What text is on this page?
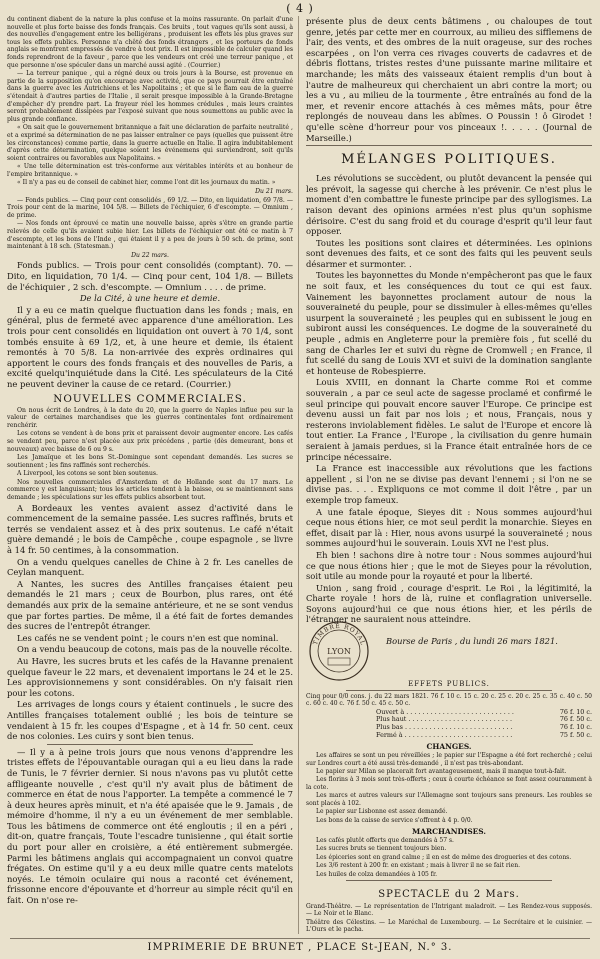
( 4 )

du continent diabent de la nature la plus confuse et la moins rassurante. On parlait d'une nouvelle et plus forte baisse des fonds français. Ces bruits , tout vagues qu'ils sont aussi, à des nouvelles d'engagement entre les belligérans , produisent les effets les plus graves sur tous les effets publics. Personne n'a chêté des fonds étrangers , et les porteurs de fonds anglais se montrent empressés de vendre à tout prix. Il est impossible de calculer quand les fonds reprendront de la faveur , parce que les vendeurs ont créé une terreur panique , et que personne n'ose spéculer dans un marché aussi agité . (Courrier.)

— La terreur panique , qui a régné deux ou trois jours à la Bourse, est provenue en partie de la supposition qu'on encourage avec activité, que ce pays pourrait être entraîné dans la guerre avec les Autrichiens et les Napolitains ; et que si le flam eau de la guerre s'étendait à d'autres parties de l'Italie , il serait presque impossible à la Grande-Bretagne d'empêcher d'y prendre part. La frayeur réel les hommes crédules , mais leurs craintes seront probablement dissipées par l'exposé suivant que nous soumettons au public avec la plus grande confiance.

« On sait que le gouvernement britannique a fait une déclaration de parfaite neutralité , et a exprimé sa détermination de ne pas laisser entraîner ce pays (quelles que puissent être les circonstances) comme partie, dans la guerre actuelle en Italie. Il agira indubitablement d'après cette détermination, quelque soient les événemens qui surviendront, soit qu'ils soient contraires ou favorables aux Napolitains. »

« Une telle détermination est très-conforme aux véritables intérêts et au bonheur de l'empire britannique. »

« Il n'y a pas eu de conseil de cabinet hier, comme l'ont dit les journaux du matin. »

Du 21 mars.

— Fonds publics. — Cinq pour cent consolidés , 69 1/2. — Dito, en liquidation, 69 7/8. — Trois pour cent de la marine, 104 5/8. — Billets de l'échiquier, 6 d'escompte. — Omnium , de prime.

— Nos fonds ont éprouvé ce matin une nouvelle baisse, après s'être en grande partie relevés de celle qu'ils avaient subie hier. Les billets de l'échiquier ont été ce matin à 7 d'escompte, et les bons de l'Inde , qui étaient il y a peu de jours à 50 sch. de prime, sont maintenant à 18 sch. (Statesman.)

Du 22 mars.

Fonds publics. — Trois pour cent consolidés (comptant). 70. — Dito, en liquidation, 70 1/4. — Cinq pour cent, 104 1/8. — Billets de l'échiquier , 2 sch. d'escompte. — Omnium . . . . de prime.

De la Cité, à une heure et demie.

Il y a eu ce matin quelque fluctuation dans les fonds ; mais, en général, plus de fermeté avec apparence d'une amélioration. Les trois pour cent consolidés en liquidation ont ouvert à 70 1/4, sont tombés ensuite à 69 1/2, et, à une heure et demie, ils étaient remontés à 70 5/8. La non-arrivée des exprès ordinaires qui apportent le cours des fonds français et des nouvelles de Paris, a excité quelqu'inquiétude dans la Cité. Les spéculateurs de la Cité ne peuvent deviner la cause de ce retard. (Courrier.)

NOUVELLES COMMERCIALES.

On nous écrit de Londres, à la date du 20, que la guerre de Naples influe peu sur la valeur de certaines marchandises que les guerres continentales font ordinairement renchérir.

Les cotons se vendent à de bons prix et paraissent devoir augmenter encore. Les cafés se vendent peu, parce n'est placée aux prix précédens , partie (dès demeurant, bons et nouveaux) avec baisse de 6 ou 9 s.

Les Jamaïque et les bons St.-Domingue sont cependant demandés. Les sucres se soutiennent ; les fins raffinés sont recherchés.

A Liverpool, les cotons se sont bien soutenus.

Nos nouvelles commerciales d'Amsterdam et de Hollande sont du 17 mars. Le commerce y est languissant; tous les articles tendent à la baisse, ou se maintiennent sans demande ; les spéculations sur les effets publics absorbent tout.

A Bordeaux les ventes avaient assez d'activité dans le commencement de la semaine passée. Les sucres raffinés, bruts et terrés se vendaient assez et à des prix soutenus. Le café n'était guère demandé ; le bois de Campêche , coupe espagnole , se livre à 14 fr. 50 centimes, à la consommation.

On a vendu quelques canelles de Chine à 2 fr. Les canelles de Ceylan manquent.

A Nantes, les sucres des Antilles françaises étaient peu demandés le 21 mars ; ceux de Bourbon, plus rares, ont été demandés aux prix de la semaine antérieure, et ne se sont vendus que par fortes parties. De même, il a été fait de fortes demandes des sucres de l'entrepôt étranger.

Les cafés ne se vendent point ; le cours n'en est que nominal.

On a vendu beaucoup de cotons, mais pas de la nouvelle récolte.

Au Havre, les sucres bruts et les cafés de la Havanne prenaient quelque faveur le 22 mars, et devenaient importans le 24 et le 25. Les approvisionnemens y sont considérables. On n'y faisait rien pour les cotons.

Les arrivages de longs cours y étaient continuels , le sucre des Antilles françaises totalement oublié ; les bois de teinture se vendaient à 15 fr. les coupes d'Espagne , et à 14 fr. 50 cent. ceux de nos colonies. Les cuirs y sont bien tenus.

— Il y a à peine trois jours que nous venons d'apprendre les tristes effets de l'épouvantable ouragan qui a eu lieu dans la rade de Tunis, le 7 février dernier. Si nous n'avons pas vu plutôt cette affligeante nouvelle , c'est qu'il n'y avait plus de bâtiment de commerce en état de nous l'apporter. La tempête a commencé le 7 à deux heures après minuit, et n'a été apaisée que le 9. Jamais , de mémoire d'homme, il n'y a eu un événement de mer semblable. Tous les bâtimens de commerce ont été engloutis ; il en a péri , dit-on, quatre français, Toute l'escadre tunisienne , qui était sortie du port pour aller en croisière, a été entièrement submergée. Parmi les bâtimens anglais qui accompagnaient un convoi quatre frégates. On estime qu'il y a eu deux mille quatre cents matelots noyés. Le témoin oculaire qui nous a raconté cet événement, frissonne encore d'épouvante et d'horreur au simple récit qu'il en fait. On n'ose re-

présente plus de deux cents bâtimens , ou chaloupes de tout genre, jetés par cette mer en courroux, au milieu des sifflemens de l'air, des vents, et des ombres de la nuit orageuse, sur des roches escarpées , on l'on verra ces rivages couverts de cadavres et de débris flottans, tristes restes d'une puissante marine militaire et marchande; les mâts des vaisseaux étaient remplis d'un bout à l'autre de malheureux qui cherchaient un abri contre la mort; ou les a vu , au milieu de la tourmente , être entraînés au fond de la mer, et revenir encore attachés à ces mêmes mâts, pour être replongés de nouveau dans les abîmes. O Poussin ! ô Girodet ! qu'elle scène d'horreur pour vos pinceaux !. . . . . (Journal de Marseille.)

MÉLANGES POLITIQUES.

Les révolutions se succèdent, ou plutôt devancent la pensée qui les prévoit, la sagesse qui cherche à les prévenir. Ce n'est plus le moment d'en combattre le funeste principe par des syllogismes. La raison devant des opinions armées n'est plus qu'un sophisme dérisoire. C'est du sang froid et du courage d'esprit qu'il leur faut opposer.

Toutes les positions sont claires et déterminées. Les opinions sont devenues des faits, et ce sont des faits qui les peuvent seuls désarmer et surmonter. .

Toutes les bayonnettes du Monde n'empêcheront pas que le faux ne soit faux, et les conséquences du tout ce qui est faux. Vainement les bayonnettes proclament autour de nous la souveraineté du peuple, pour se dissimuler à elles-mêmes qu'elles usurpent la souveraineté ; les peuples qui en subissent le joug en subiront aussi les conséquences. Le dogme de la souveraineté du peuple , admis en Angleterre pour la première fois , fut scellé du sang de Charles Ier et suivi du règne de Cromwell ; en France, il fut scellé du sang de Louis XVI et suivi de la domination sanglante et honteuse de Robespierre.

Louis XVIII, en donnant la Charte comme Roi et comme souverain , a par ce seul acte de sagesse proclamé et confirmé le seul principe qui pouvait encore sauver l'Europe. Ce principe est devenu aussi un fait par nos lois ; et nous, Français, nous y resterons inviolablement fidèles. Le salut de l'Europe et encore là tout entier. La France , l'Europe , la civilisation du genre humain seraient à jamais perdues, si la France était entraînée hors de ce principe nécessaire.

La France est inaccessible aux révolutions que les factions appellent , si l'on ne se divise pas devant l'ennemi ; si l'on ne se divise pas. . . . Expliquons ce mot comme il doit l'être , par un exemple trop fameux.

A une fatale époque, Sieyes dit : Nous sommes aujourd'hui ceque nous étions hier, ce mot seul perdit la monarchie. Sieyes en effet, disait par là : Hier, nous avons usurpé la souveraineté ; nous sommes aujourd'hui le souverain. Louis XVI ne l'est plus.

Eh bien ! sachons dire à notre tour : Nous sommes aujourd'hui ce que nous étions hier ; que le mot de Sieyes pour la révolution, soit utile au monde pour la royauté et pour la liberté.

Union , sang froid , courage d'esprit. Le Roi , la légitimité, la Charte royale ! hors de là, ruine et conflagration universelle. Soyons aujourd'hui ce que nous étions hier, et les périls de l'étranger ne sauraient nous atteindre.

TIMBRE ROYAL
LYON
Bourse de Paris , du lundi 26 mars 1821.
EFFETS PUBLICS.

Cinq pour 0/0 cons. j. du 22 mars 1821. 76 f. 10 c. 15 c. 20 c. 25 c. 20 c. 25 c. 35 c. 40 c. 50 c. 60 c. 40 c. 76 f. 50 c. 45 c. 50 c.

Ouvert à . . . . . . . . . . . . . . . . . . . . . . . . . . .	76 f. 10 c.
Plus haut . . . . . . . . . . . . . . . . . . . . . . . . . .	76 f. 50 c.
Plus bas . . . . . . . . . . . . . . . . . . . . . . . . . . .	76 f. 10 c.
Fermé à . . . . . . . . . . . . . . . . . . . . . . . . . . .	75 f. 50 c.
CHANGES.

Les affaires se sont un peu réveillées ; le papier sur l'Espagne a été fort recherché ; celui sur Londres court a été aussi très-demandé , il n'est pas très-abondant.

Le papier sur Milan se placerait fort avantageusement, mais il manque tout-à-fait.

Les florins à 3 mois sont très-offerts ; ceux à courte échéance se font assez couramment à la cote.

Les marcs et autres valeurs sur l'Allemagne sont toujours sans preneurs. Les roubles se sont placés à 102.

Le papier sur Lisbonne est assez demandé.

Les bons de la caisse de service s'offrent à 4 p. 0/0.

MARCHANDISES.

Les cafés plutôt offerts que demandés à 57 s.

Les sucres bruts se tiennent toujours bien.

Les épiceries sont en grand calme ; il en est de même des drogueries et des cotons.

Les 3/6 restent à 200 fr. en existant ; mais à livrer il ne se fait rien.

Les huiles de colza demandées à 105 fr.

SPECTACLE du 2 Mars.

Grand-Théâtre. — Le représentation de l'Intrigant maladroit. — Les Rendez-vous supposés. — Le Noir et le Blanc.

Théâtre des Célestins. — Le Maréchal de Luxembourg. — Le Secrétaire et le cuisinier. — L'Ours et le pacha.

IMPRIMERIE DE BRUNET , PLACE St-JEAN, N.° 3.
